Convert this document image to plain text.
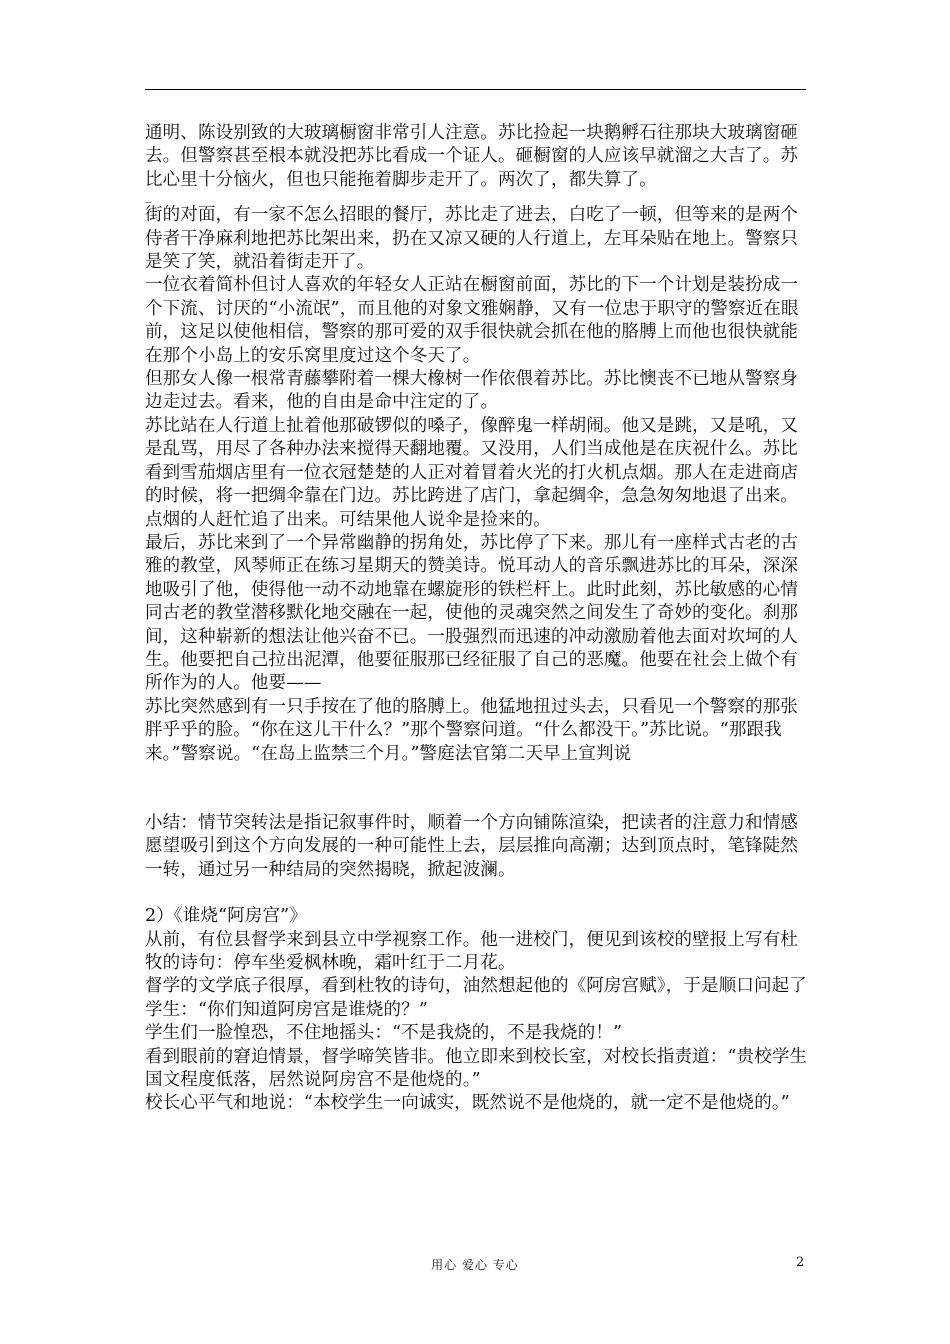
通明、陈设别致的大玻璃橱窗非常引人注意。苏比捡起一块鹅孵石往那块大玻璃窗砸去。但警察甚至根本就没把苏比看成一个证人。砸橱窗的人应该早就溜之大吉了。苏比心里十分恼火，但也只能拖着脚步走开了。两次了，都失算了。

_

街的对面，有一家不怎么招眼的餐厅，苏比走了进去，白吃了一顿，但等来的是两个侍者干净麻利地把苏比架出来，扔在又凉又硬的人行道上，左耳朵贴在地上。警察只是笑了笑，就沿着街走开了。

一位衣着简朴但讨人喜欢的年轻女人正站在橱窗前面，苏比的下一个计划是装扮成一个下流、讨厌的“小流氓”，而且他的对象文雅娴静，又有一位忠于职守的警察近在眼前，这足以使他相信，警察的那可爱的双手很快就会抓在他的胳膊上而他也很快就能在那个小岛上的安乐窝里度过这个冬天了。

但那女人像一根常青藤攀附着一棵大橡树一作依偎着苏比。苏比懊丧不已地从警察身边走过去。看来，他的自由是命中注定的了。

苏比站在人行道上扯着他那破锣似的嗓子，像醉鬼一样胡闹。他又是跳，又是吼，又是乱骂，用尽了各种办法来搅得天翻地覆。又没用，人们当成他是在庆祝什么。苏比看到雪茄烟店里有一位衣冠楚楚的人正对着冒着火光的打火机点烟。那人在走进商店的时候，将一把绸伞靠在门边。苏比跨进了店门，拿起绸伞，急急匆匆地退了出来。点烟的人赶忙追了出来。可结果他人说伞是捡来的。

最后，苏比来到了一个异常幽静的拐角处，苏比停了下来。那儿有一座样式古老的古雅的教堂，风琴师正在练习星期天的赞美诗。悦耳动人的音乐飘进苏比的耳朵，深深地吸引了他，使得他一动不动地靠在螺旋形的铁栏杆上。此时此刻，苏比敏感的心情同古老的教堂潜移默化地交融在一起，使他的灵魂突然之间发生了奇妙的变化。刹那间，这种崭新的想法让他兴奋不已。一股强烈而迅速的冲动激励着他去面对坎坷的人生。他要把自己拉出泥潭，他要征服那已经征服了自己的恶魔。他要在社会上做个有所作为的人。他要——

苏比突然感到有一只手按在了他的胳膊上。他猛地扭过头去，只看见一个警察的那张胖乎乎的脸。“你在这儿干什么？”那个警察问道。“什么都没干。”苏比说。“那跟我来。”警察说。“在岛上监禁三个月。”警庭法官第二天早上宣判说

小结：情节突转法是指记叙事件时，顺着一个方向铺陈渲染，把读者的注意力和情感愿望吸引到这个方向发展的一种可能性上去，层层推向高潮；达到顶点时，笔锋陡然一转，通过另一种结局的突然揭晓，掀起波澜。

2）《谁烧“阿房宫”》

从前，有位县督学来到县立中学视察工作。他一进校门，便见到该校的壁报上写有杜牧的诗句：停车坐爱枫林晚，霜叶红于二月花。

督学的文学底子很厚，看到杜牧的诗句，油然想起他的《阿房宫赋》，于是顺口问起了学生：“你们知道阿房宫是谁烧的？”

学生们一脸惶恐，不住地摇头：“不是我烧的，不是我烧的！”

看到眼前的窘迫情景，督学啼笑皆非。他立即来到校长室，对校长指责道：“贵校学生国文程度低落，居然说阿房宫不是他烧的。”

校长心平气和地说：“本校学生一向诚实，既然说不是他烧的，就一定不是他烧的。”

用心 爱心 专心	2
